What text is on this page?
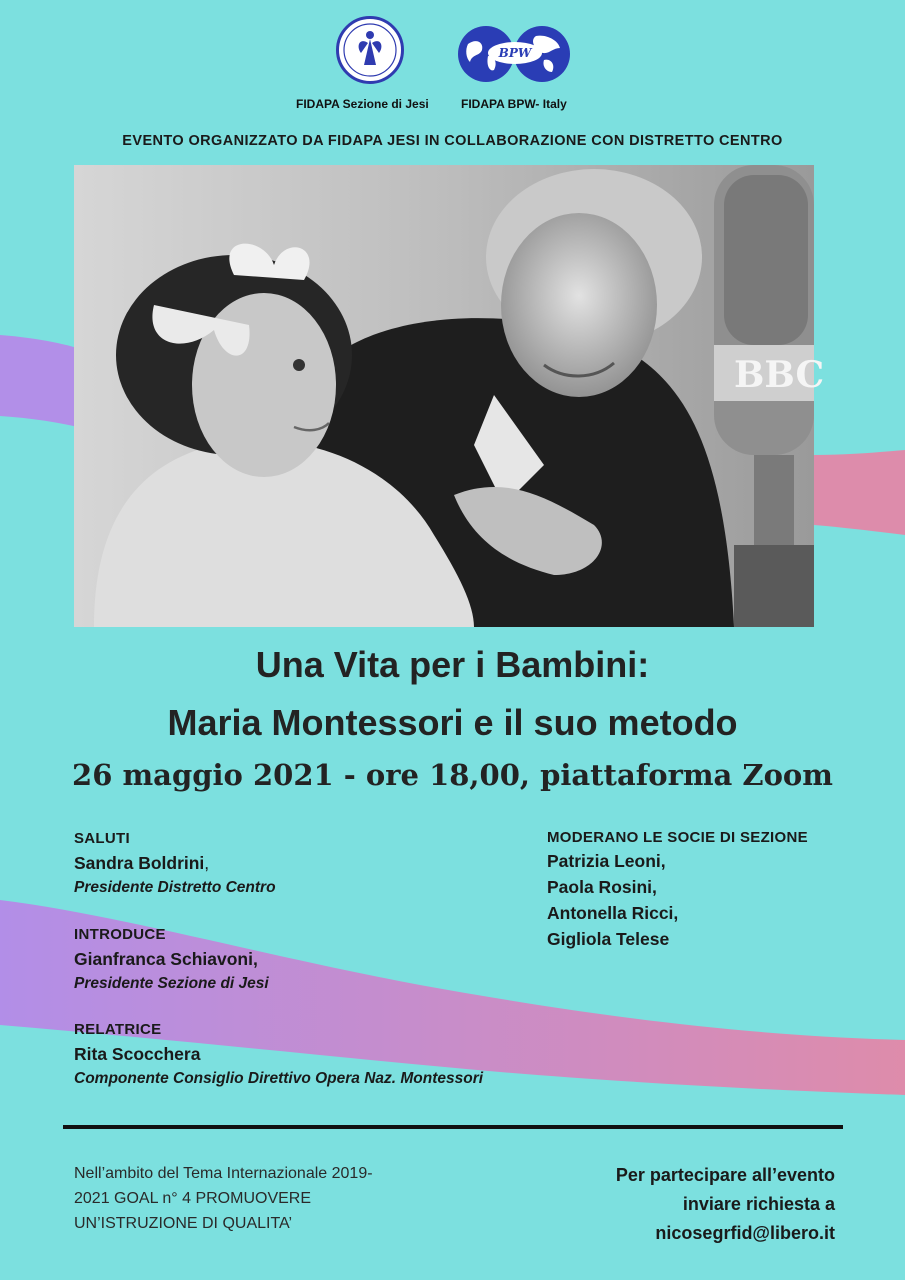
BPW
FIDAPA Sezione di Jesi	FIDAPA BPW- Italy
EVENTO ORGANIZZATO DA FIDAPA JESI IN COLLABORAZIONE CON DISTRETTO CENTRO
BBC
Una Vita per i Bambini:
Maria Montessori e il suo metodo
26 maggio 2021 - ore 18,00, piattaforma Zoom
SALUTI
Sandra Boldrini,
Presidente Distretto Centro
INTRODUCE
Gianfranca Schiavoni,
Presidente Sezione di Jesi
RELATRICE
Rita Scocchera
Componente Consiglio Direttivo Opera Naz. Montessori
MODERANO LE SOCIE DI SEZIONE
Patrizia Leoni,
Paola Rosini,
Antonella Ricci,
Gigliola Telese
Nell’ambito del Tema Internazionale 2019-
2021 GOAL n° 4 PROMUOVERE
UN’ISTRUZIONE DI QUALITA’
Per partecipare all’evento
inviare richiesta a
nicosegrfid@libero.it
